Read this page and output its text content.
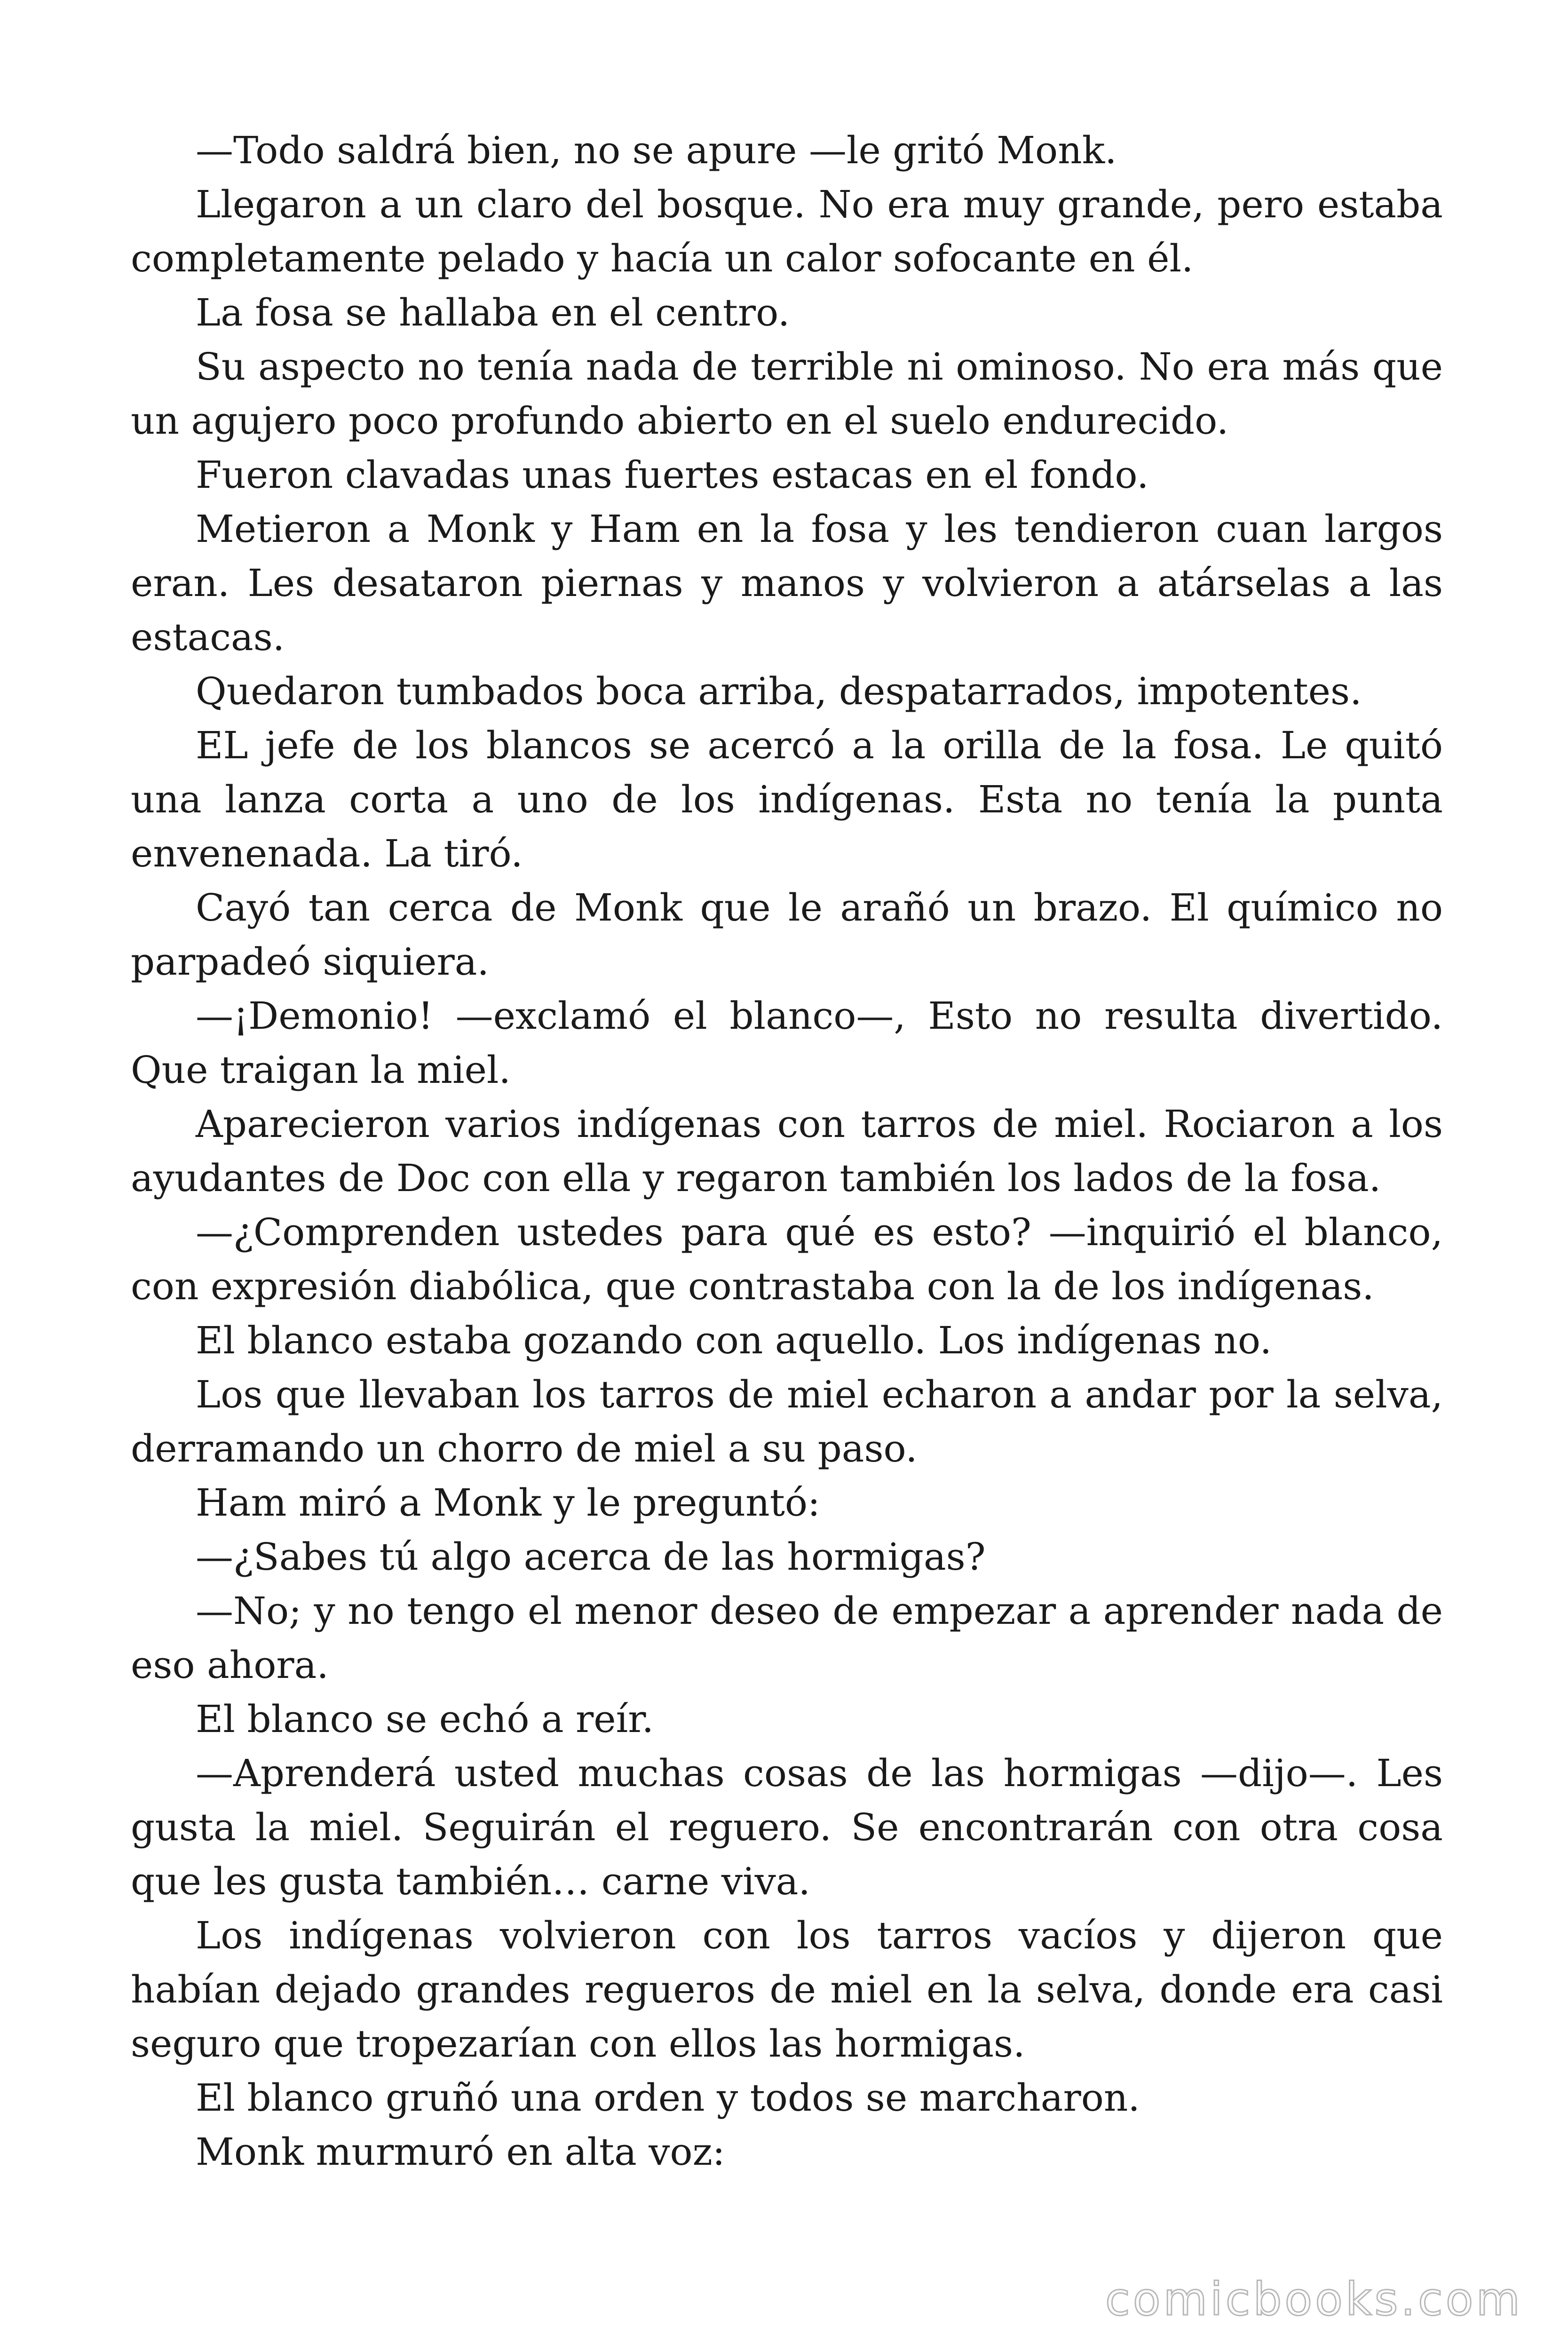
—Todo saldrá bien, no se apure —le gritó Monk.

Llegaron a un claro del bosque. No era muy grande, pero estaba completamente pelado y hacía un calor sofocante en él.

La fosa se hallaba en el centro.

Su aspecto no tenía nada de terrible ni ominoso. No era más que un agujero poco profundo abierto en el suelo endurecido.

Fueron clavadas unas fuertes estacas en el fondo.

Metieron a Monk y Ham en la fosa y les tendieron cuan largos eran. Les desataron piernas y manos y volvieron a atárselas a las estacas.

Quedaron tumbados boca arriba, despatarrados, impotentes.

EL jefe de los blancos se acercó a la orilla de la fosa. Le quitó una lanza corta a uno de los indígenas. Esta no tenía la punta envenenada. La tiró.

Cayó tan cerca de Monk que le arañó un brazo. El químico no parpadeó siquiera.

—¡Demonio! —exclamó el blanco—, Esto no resulta divertido. Que traigan la miel.

Aparecieron varios indígenas con tarros de miel. Rociaron a los ayudantes de Doc con ella y regaron también los lados de la fosa.

—¿Comprenden ustedes para qué es esto? —inquirió el blanco, con expresión diabólica, que contrastaba con la de los indígenas.

El blanco estaba gozando con aquello. Los indígenas no.

Los que llevaban los tarros de miel echaron a andar por la selva, derramando un chorro de miel a su paso.

Ham miró a Monk y le preguntó:

—¿Sabes tú algo acerca de las hormigas?

—No; y no tengo el menor deseo de empezar a aprender nada de eso ahora.

El blanco se echó a reír.

—Aprenderá usted muchas cosas de las hormigas —dijo—. Les gusta la miel. Seguirán el reguero. Se encontrarán con otra cosa que les gusta también… carne viva.

Los indígenas volvieron con los tarros vacíos y dijeron que habían dejado grandes regueros de miel en la selva, donde era casi seguro que tropezarían con ellos las hormigas.

El blanco gruñó una orden y todos se marcharon.

Monk murmuró en alta voz:

comicbooks.com
